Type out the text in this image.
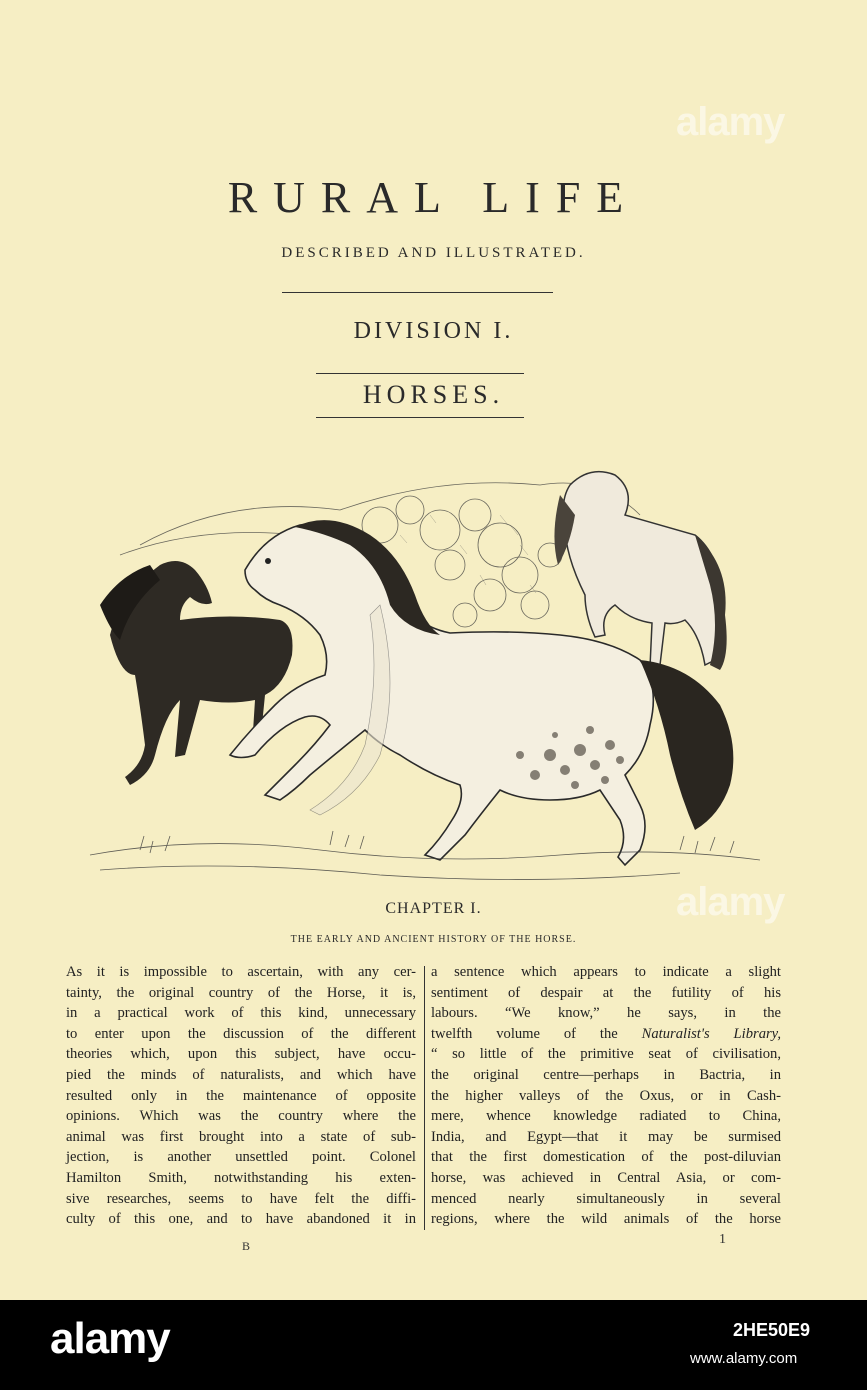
alamy
RURAL LIFE
DESCRIBED AND ILLUSTRATED.
DIVISION I.
HORSES.
CHAPTER I.
THE EARLY AND ANCIENT HISTORY OF THE HORSE.
As it is impossible to ascertain, with any cer-
tainty, the original country of the Horse, it is,
in a practical work of this kind, unnecessary
to enter upon the discussion of the different
theories which, upon this subject, have occu-
pied the minds of naturalists, and which have
resulted only in the maintenance of opposite
opinions. Which was the country where the
animal was first brought into a state of sub-
jection, is another unsettled point. Colonel
Hamilton Smith, notwithstanding his exten-
sive researches, seems to have felt the diffi-
culty of this one, and to have abandoned it in
a sentence which appears to indicate a slight
sentiment of despair at the futility of his
labours. “We know,” he says, in the
twelfth volume of the Naturalist's Library,
“ so little of the primitive seat of civilisation,
the original centre—perhaps in Bactria, in
the higher valleys of the Oxus, or in Cash-
mere, whence knowledge radiated to China,
India, and Egypt—that it may be surmised
that the first domestication of the post-diluvian
horse, was achieved in Central Asia, or com-
menced nearly simultaneously in several
regions, where the wild animals of the horse
B	1
alamy
alamy	2HE50E9
www.alamy.com
